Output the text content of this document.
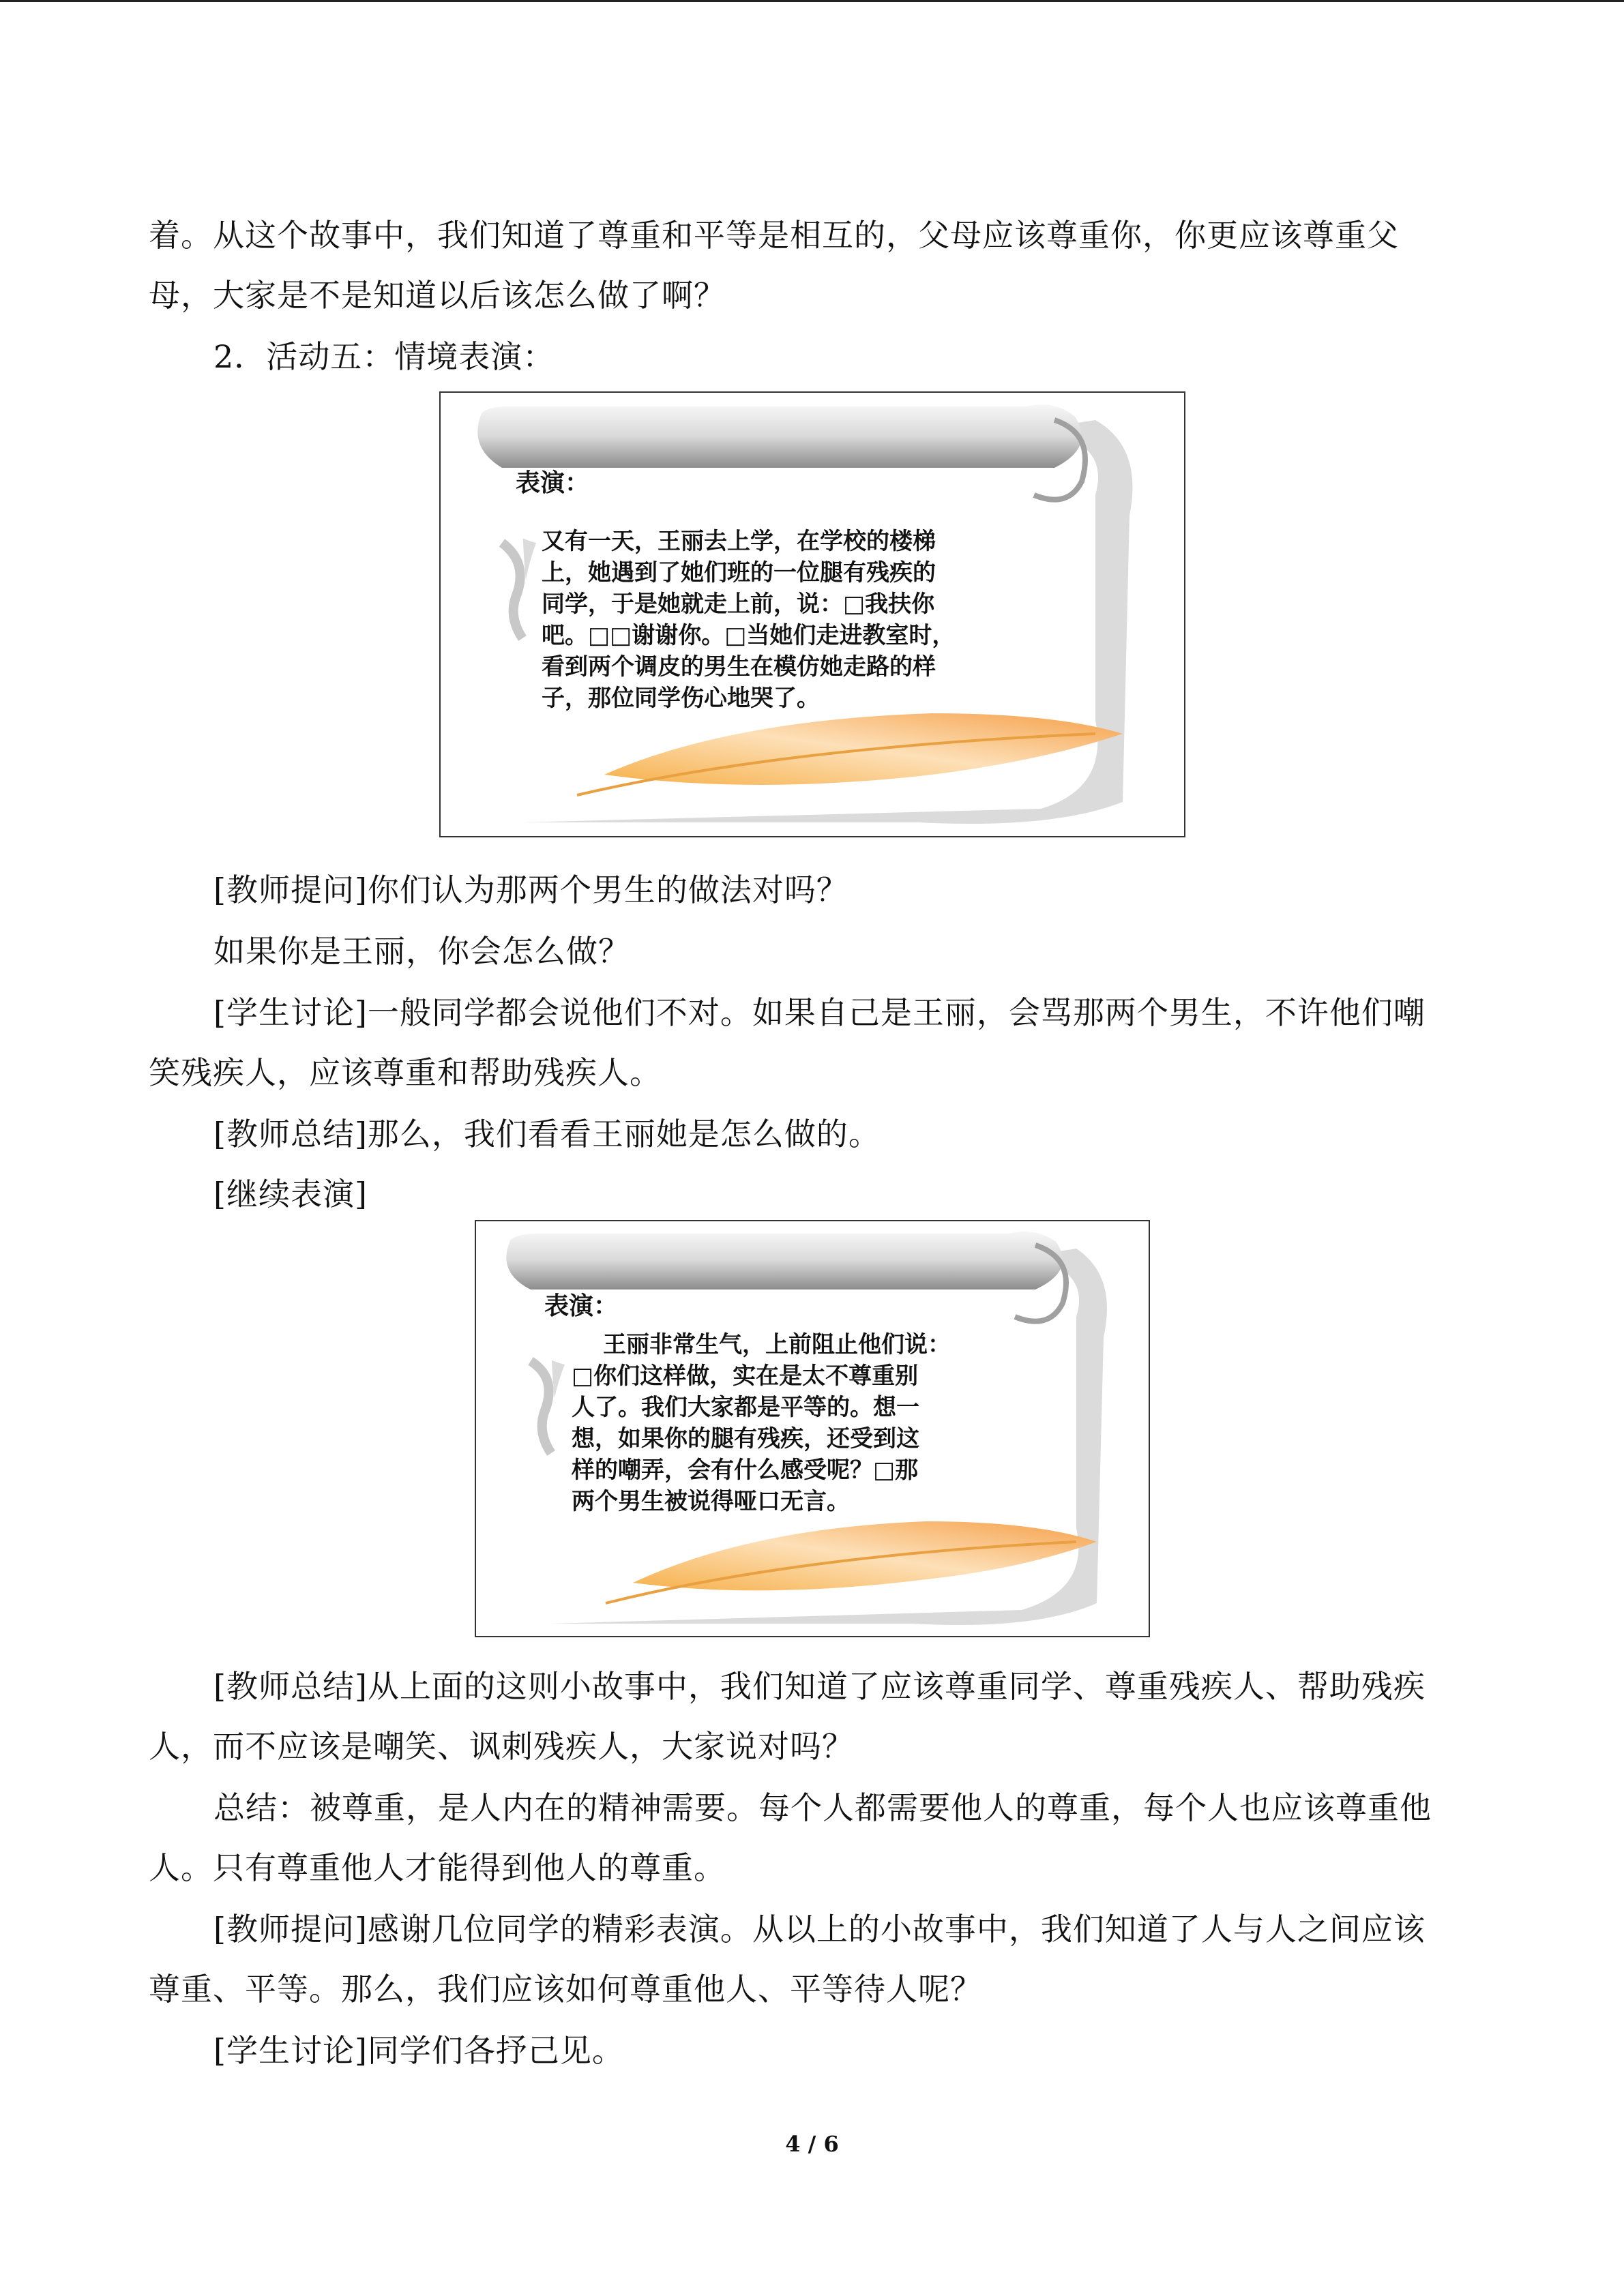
着。从这个故事中，我们知道了尊重和平等是相互的，父母应该尊重你，你更应该尊重父
母，大家是不是知道以后该怎么做了啊？
2．活动五：情境表演：
表演：
又有一天，王丽去上学，在学校的楼梯
上，她遇到了她们班的一位腿有残疾的
同学，于是她就走上前，说：□我扶你
吧。□□谢谢你。□当她们走进教室时，
看到两个调皮的男生在模仿她走路的样
子，那位同学伤心地哭了。
[教师提问]你们认为那两个男生的做法对吗？
如果你是王丽，你会怎么做？
[学生讨论]一般同学都会说他们不对。如果自己是王丽，会骂那两个男生，不许他们嘲
笑残疾人，应该尊重和帮助残疾人。
[教师总结]那么，我们看看王丽她是怎么做的。
[继续表演]
表演：
王丽非常生气，上前阻止他们说：
□你们这样做，实在是太不尊重别
人了。我们大家都是平等的。想一
想，如果你的腿有残疾，还受到这
样的嘲弄，会有什么感受呢？□那
两个男生被说得哑口无言。
[教师总结]从上面的这则小故事中，我们知道了应该尊重同学、尊重残疾人、帮助残疾
人，而不应该是嘲笑、讽刺残疾人，大家说对吗？
总结：被尊重，是人内在的精神需要。每个人都需要他人的尊重，每个人也应该尊重他
人。只有尊重他人才能得到他人的尊重。
[教师提问]感谢几位同学的精彩表演。从以上的小故事中，我们知道了人与人之间应该
尊重、平等。那么，我们应该如何尊重他人、平等待人呢？
[学生讨论]同学们各抒己见。
4 / 6
